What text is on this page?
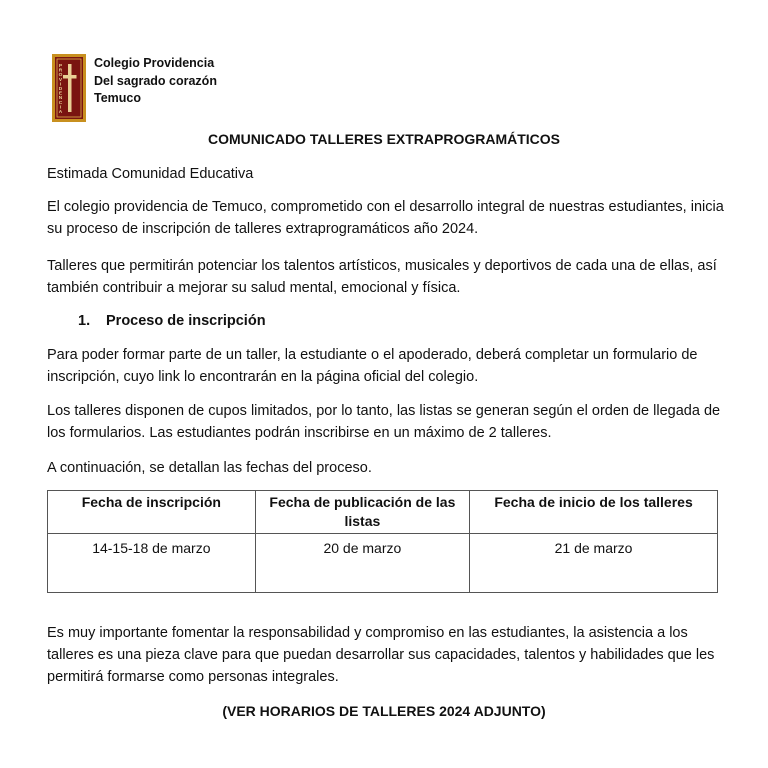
P R O V I D E N C I A
Colegio Providencia
Del sagrado corazón
Temuco
COMUNICADO TALLERES EXTRAPROGRAMÁTICOS

Estimada Comunidad Educativa

El colegio providencia de Temuco, comprometido con el desarrollo integral de nuestras estudiantes, inicia su proceso de inscripción de talleres extraprogramáticos año 2024.

Talleres que permitirán potenciar los talentos artísticos, musicales y deportivos de cada una de ellas, así también contribuir a mejorar su salud mental, emocional y física.

1. Proceso de inscripción

Para poder formar parte de un taller, la estudiante o el apoderado, deberá completar un formulario de inscripción, cuyo link lo encontrarán en la página oficial del colegio.

Los talleres disponen de cupos limitados, por lo tanto, las listas se generan según el orden de llegada de los formularios. Las estudiantes podrán inscribirse en un máximo de 2 talleres.

A continuación, se detallan las fechas del proceso.

Fecha de inscripción	Fecha de publicación de las listas	Fecha de inicio de los talleres
14-15-18 de marzo	20 de marzo	21 de marzo

Es muy importante fomentar la responsabilidad y compromiso en las estudiantes, la asistencia a los talleres es una pieza clave para que puedan desarrollar sus capacidades, talentos y habilidades que les permitirá formarse como personas integrales.

(VER HORARIOS DE TALLERES 2024 ADJUNTO)
